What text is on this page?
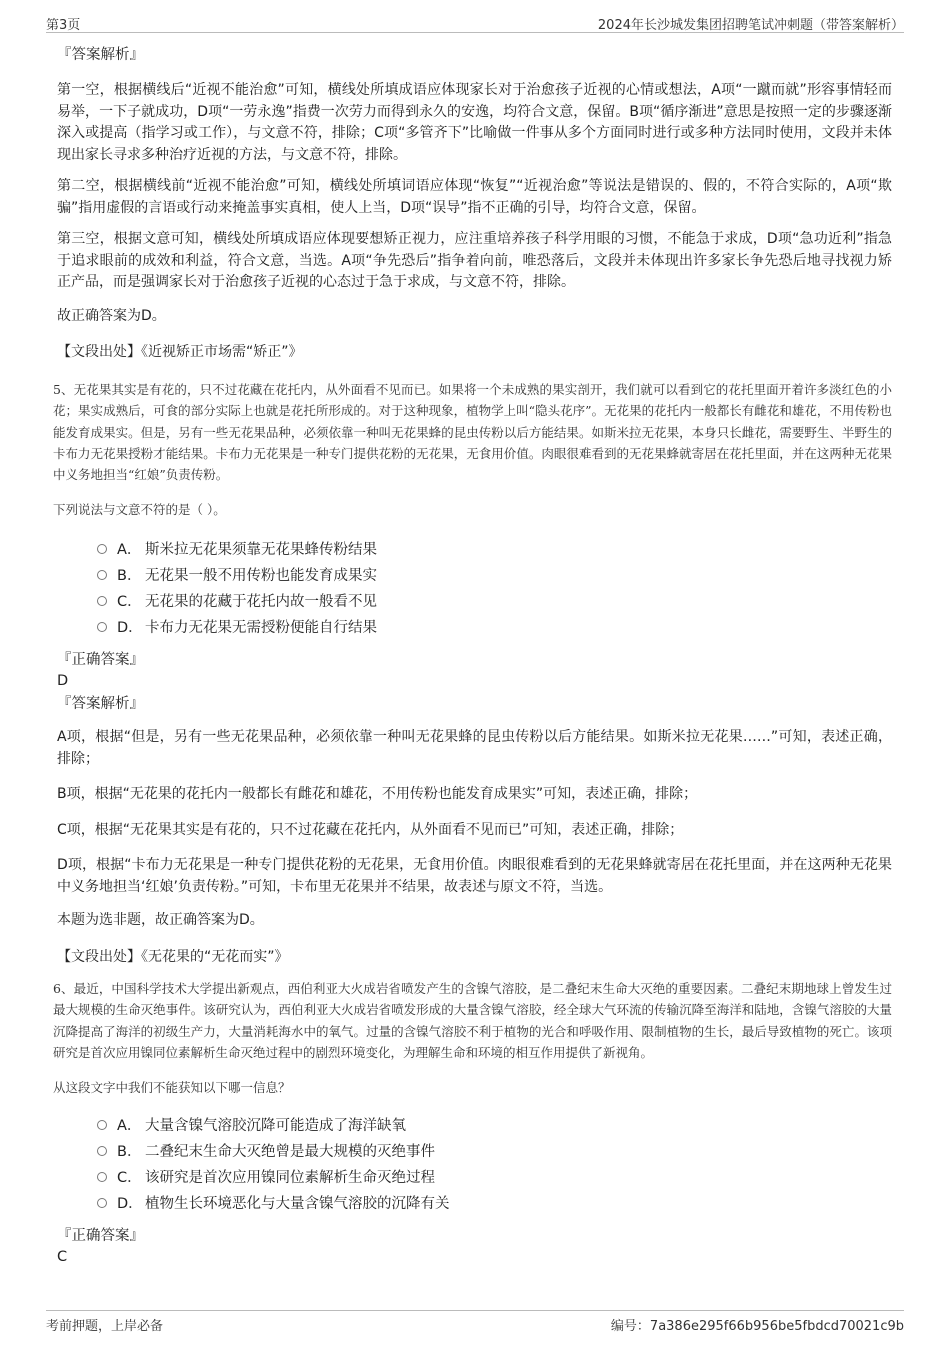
第3页	2024年长沙城发集团招聘笔试冲刺题（带答案解析）
『答案解析』
第一空，根据横线后“近视不能治愈”可知，横线处所填成语应体现家长对于治愈孩子近视的心情或想法，A项“一蹴而就”形容事情轻而易举，一下子就成功，D项“一劳永逸”指费一次劳力而得到永久的安逸，均符合文意，保留。B项“循序渐进”意思是按照一定的步骤逐渐深入或提高（指学习或工作），与文意不符，排除；C项“多管齐下”比喻做一件事从多个方面同时进行或多种方法同时使用，文段并未体现出家长寻求多种治疗近视的方法，与文意不符，排除。
第二空，根据横线前“近视不能治愈”可知，横线处所填词语应体现“恢复”“近视治愈”等说法是错误的、假的，不符合实际的，A项“欺骗”指用虚假的言语或行动来掩盖事实真相，使人上当，D项“误导”指不正确的引导，均符合文意，保留。
第三空，根据文意可知，横线处所填成语应体现要想矫正视力，应注重培养孩子科学用眼的习惯，不能急于求成，D项“急功近利”指急于追求眼前的成效和利益，符合文意，当选。A项“争先恐后”指争着向前，唯恐落后，文段并未体现出许多家长争先恐后地寻找视力矫正产品，而是强调家长对于治愈孩子近视的心态过于急于求成，与文意不符，排除。
故正确答案为D。
【文段出处】《近视矫正市场需“矫正”》
5、无花果其实是有花的，只不过花藏在花托内，从外面看不见而已。如果将一个未成熟的果实剖开，我们就可以看到它的花托里面开着许多淡红色的小花；果实成熟后，可食的部分实际上也就是花托所形成的。对于这种现象，植物学上叫“隐头花序”。无花果的花托内一般都长有雌花和雄花，不用传粉也能发育成果实。但是，另有一些无花果品种，必须依靠一种叫无花果蜂的昆虫传粉以后方能结果。如斯米拉无花果，本身只长雌花，需要野生、半野生的卡布力无花果授粉才能结果。卡布力无花果是一种专门提供花粉的无花果，无食用价值。肉眼很难看到的无花果蜂就寄居在花托里面，并在这两种无花果中义务地担当“红娘”负责传粉。
下列说法与文意不符的是（ ）。
A． 斯米拉无花果须靠无花果蜂传粉结果
B． 无花果一般不用传粉也能发育成果实
C． 无花果的花藏于花托内故一般看不见
D． 卡布力无花果无需授粉便能自行结果
『正确答案』
D
『答案解析』
A项，根据“但是，另有一些无花果品种，必须依靠一种叫无花果蜂的昆虫传粉以后方能结果。如斯米拉无花果……”可知，表述正确，排除；
B项，根据“无花果的花托内一般都长有雌花和雄花，不用传粉也能发育成果实”可知，表述正确，排除；
C项，根据“无花果其实是有花的，只不过花藏在花托内，从外面看不见而已”可知，表述正确，排除；
D项，根据“卡布力无花果是一种专门提供花粉的无花果，无食用价值。肉眼很难看到的无花果蜂就寄居在花托里面，并在这两种无花果中义务地担当‘红娘’负责传粉。”可知，卡布里无花果并不结果，故表述与原文不符，当选。
本题为选非题，故正确答案为D。
【文段出处】《无花果的“无花而实”》
6、最近，中国科学技术大学提出新观点，西伯利亚大火成岩省喷发产生的含镍气溶胶，是二叠纪末生命大灭绝的重要因素。二叠纪末期地球上曾发生过最大规模的生命灭绝事件。该研究认为，西伯利亚大火成岩省喷发形成的大量含镍气溶胶，经全球大气环流的传输沉降至海洋和陆地，含镍气溶胶的大量沉降提高了海洋的初级生产力，大量消耗海水中的氧气。过量的含镍气溶胶不利于植物的光合和呼吸作用、限制植物的生长，最后导致植物的死亡。该项研究是首次应用镍同位素解析生命灭绝过程中的剧烈环境变化，为理解生命和环境的相互作用提供了新视角。
从这段文字中我们不能获知以下哪一信息？
A． 大量含镍气溶胶沉降可能造成了海洋缺氧
B． 二叠纪末生命大灭绝曾是最大规模的灭绝事件
C． 该研究是首次应用镍同位素解析生命灭绝过程
D． 植物生长环境恶化与大量含镍气溶胶的沉降有关
『正确答案』
C
考前押题，上岸必备	编号：7a386e295f66b956be5fbdcd70021c9b
